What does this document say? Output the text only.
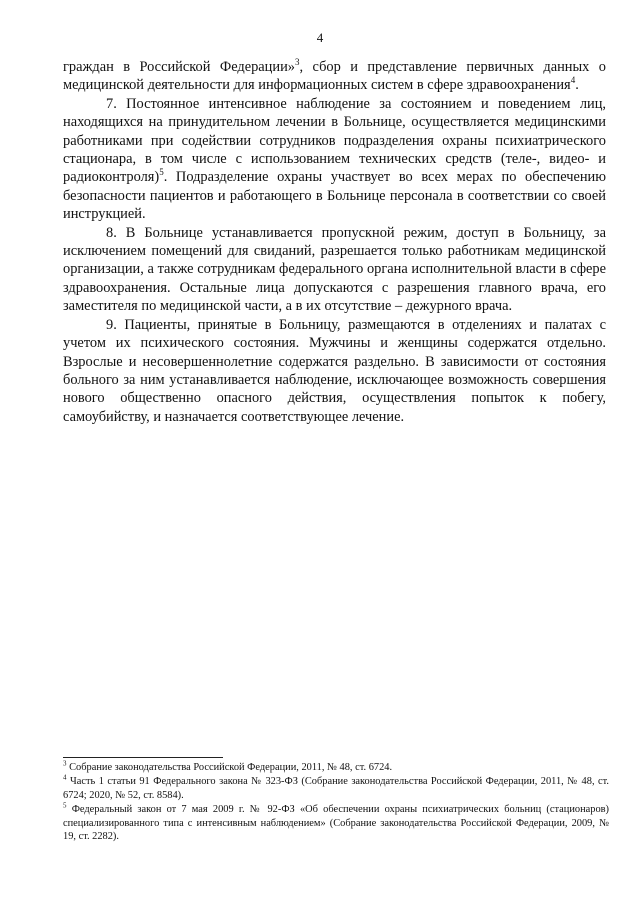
4

граждан в Российской Федерации»$^3$, сбор и представление первичных данных о медицинской деятельности для информационных систем в сфере здравоохранения$^4$.

7. Постоянное интенсивное наблюдение за состоянием и поведением лиц, находящихся на принудительном лечении в Больнице, осуществляется медицинскими работниками при содействии сотрудников подразделения охраны психиатрического стационара, в том числе с использованием технических средств (теле-, видео- и радиоконтроля)$^5$. Подразделение охраны участвует во всех мерах по обеспечению безопасности пациентов и работающего в Больнице персонала в соответствии со своей инструкцией.

8. В Больнице устанавливается пропускной режим, доступ в Больницу, за исключением помещений для свиданий, разрешается только работникам медицинской организации, а также сотрудникам федерального органа исполнительной власти в сфере здравоохранения. Остальные лица допускаются с разрешения главного врача, его заместителя по медицинской части, а в их отсутствие – дежурного врача.

9. Пациенты, принятые в Больницу, размещаются в отделениях и палатах с учетом их психического состояния. Мужчины и женщины содержатся отдельно. Взрослые и несовершеннолетние содержатся раздельно. В зависимости от состояния больного за ним устанавливается наблюдение, исключающее возможность совершения нового общественно опасного действия, осуществления попыток к побегу, самоубийству, и назначается соответствующее лечение.

$^3$ Собрание законодательства Российской Федерации, 2011, № 48, ст. 6724.

$^4$ Часть 1 статьи 91 Федерального закона № 323-ФЗ (Собрание законодательства Российской Федерации, 2011, № 48, ст. 6724; 2020, № 52, ст. 8584).

$^5$ Федеральный закон от 7 мая 2009 г. № 92-ФЗ «Об обеспечении охраны психиатрических больниц (стационаров) специализированного типа с интенсивным наблюдением» (Собрание законодательства Российской Федерации, 2009, № 19, ст. 2282).
